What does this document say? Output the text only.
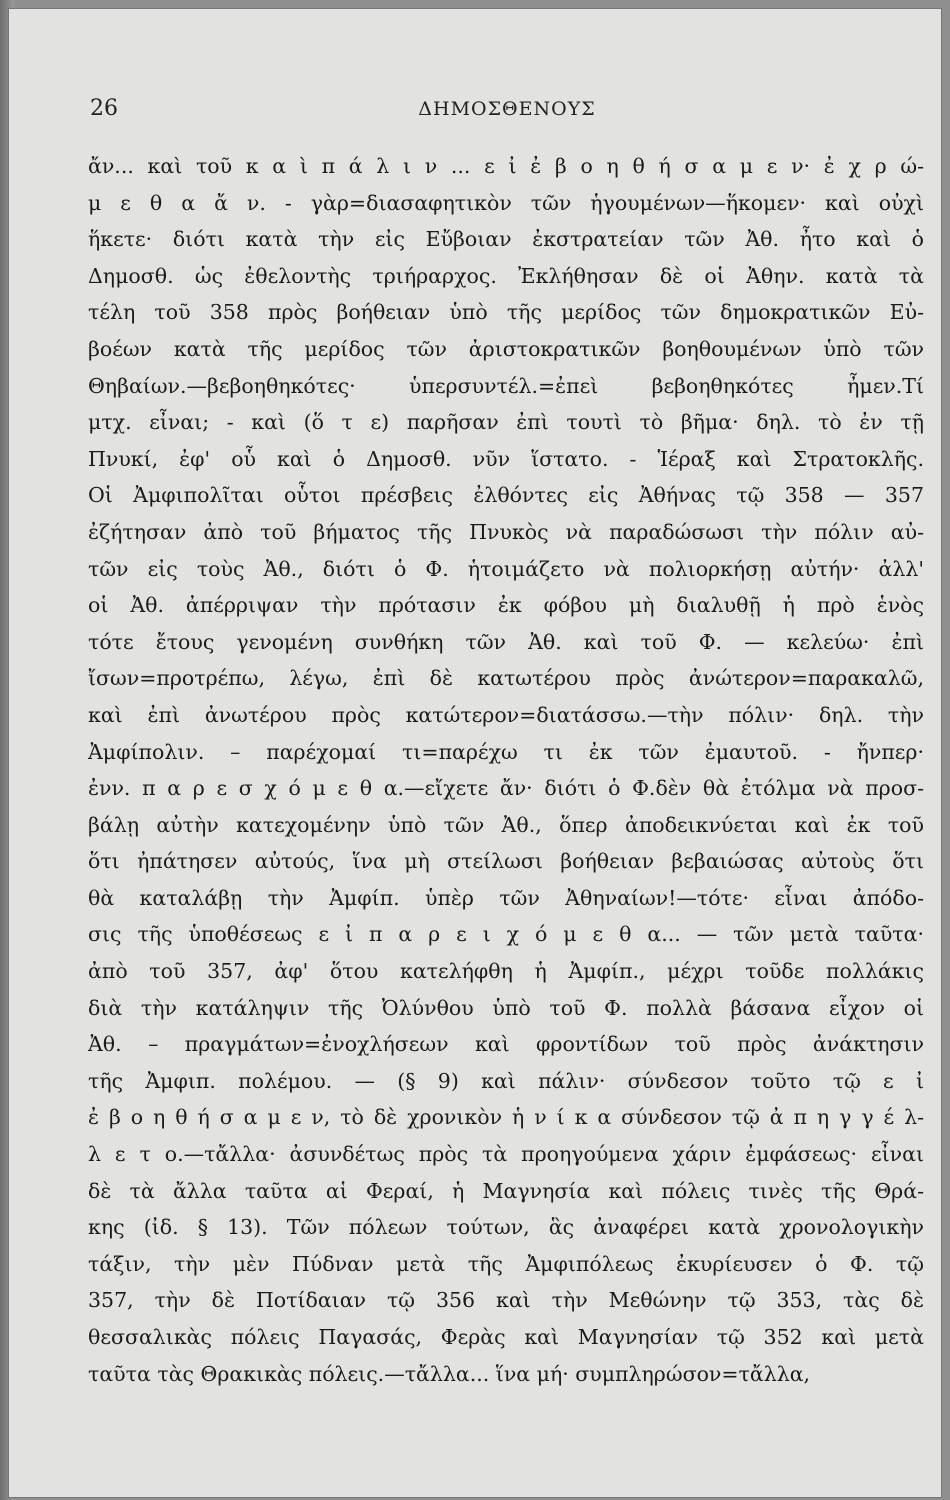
26	ΔΗΜΟΣΘΕΝΟΥΣ
ἄν... καὶ τοῦ κ α ὶ π ά λ ι ν ... ε ἰ ἐ β ο η θ ή σ α μ ε ν· ἐ χ ρ ώ-
μ ε θ α ἄ ν. - γὰρ=διασαφητικὸν τῶν ἡγουμένων—ἥκομεν· καὶ οὐχὶ
ἥκετε· διότι κατὰ τὴν εἰς Εὔβοιαν ἐκστρατείαν τῶν Ἀθ. ἦτο καὶ ὁ
Δημοσθ. ὡς ἐθελοντὴς τριήραρχος. Ἐκλήθησαν δὲ οἱ Ἀθην. κατὰ τὰ
τέλη τοῦ 358 πρὸς βοήθειαν ὑπὸ τῆς μερίδος τῶν δημοκρατικῶν Εὐ-
βοέων κατὰ τῆς μερίδος τῶν ἀριστοκρατικῶν βοηθουμένων ὑπὸ τῶν
Θηβαίων.—βεβοηθηκότες· ὑπερσυντέλ.=ἐπεὶ βεβοηθηκότες ἦμεν.Τί
μτχ. εἶναι; - καὶ (ὅ τ ε) παρῆσαν ἐπὶ τουτὶ τὸ βῆμα· δηλ. τὸ ἐν τῇ
Πνυκί, ἐφ' οὗ καὶ ὁ Δημοσθ. νῦν ἵστατο. - Ἱέραξ καὶ Στρατοκλῆς.
Οἱ Ἀμφιπολῖται οὗτοι πρέσβεις ἐλθόντες εἰς Ἀθήνας τῷ 358 — 357
ἐζήτησαν ἀπὸ τοῦ βήματος τῆς Πνυκὸς νὰ παραδώσωσι τὴν πόλιν αὐ-
τῶν εἰς τοὺς Ἀθ., διότι ὁ Φ. ἡτοιμάζετο νὰ πολιορκήσῃ αὐτήν· ἀλλ'
οἱ Ἀθ. ἀπέρριψαν τὴν πρότασιν ἐκ φόβου μὴ διαλυθῇ ἡ πρὸ ἑνὸς
τότε ἔτους γενομένη συνθήκη τῶν Ἀθ. καὶ τοῦ Φ. — κελεύω· ἐπὶ
ἴσων=προτρέπω, λέγω, ἐπὶ δὲ κατωτέρου πρὸς ἀνώτερον=παρακαλῶ,
καὶ ἐπὶ ἀνωτέρου πρὸς κατώτερον=διατάσσω.—τὴν πόλιν· δηλ. τὴν
Ἀμφίπολιν. – παρέχομαί τι=παρέχω τι ἐκ τῶν ἐμαυτοῦ. - ἤνπερ·
ἐνν. π α ρ ε σ χ ό μ ε θ α.—εἴχετε ἄν· διότι ὁ Φ.δὲν θὰ ἐτόλμα νὰ προσ-
βάλῃ αὐτὴν κατεχομένην ὑπὸ τῶν Ἀθ., ὅπερ ἀποδεικνύεται καὶ ἐκ τοῦ
ὅτι ἠπάτησεν αὐτούς, ἵνα μὴ στείλωσι βοήθειαν βεβαιώσας αὐτοὺς ὅτι
θὰ καταλάβῃ τὴν Ἀμφίπ. ὑπὲρ τῶν Ἀθηναίων!—τότε· εἶναι ἀπόδο-
σις τῆς ὑποθέσεως ε ἰ π α ρ ε ι χ ό μ ε θ α... — τῶν μετὰ ταῦτα·
ἀπὸ τοῦ 357, ἀφ' ὅτου κατελήφθη ἡ Ἀμφίπ., μέχρι τοῦδε πολλάκις
διὰ τὴν κατάληψιν τῆς Ὀλύνθου ὑπὸ τοῦ Φ. πολλὰ βάσανα εἶχον οἱ
Ἀθ. – πραγμάτων=ἐνοχλήσεων καὶ φροντίδων τοῦ πρὸς ἀνάκτησιν
τῆς Ἀμφιπ. πολέμου. — (§ 9) καὶ πάλιν· σύνδεσον τοῦτο τῷ ε ἰ
ἐ β ο η θ ή σ α μ ε ν, τὸ δὲ χρονικὸν ἡ ν ί κ α σύνδεσον τῷ ἀ π η γ γ έ λ-
λ ε τ ο.—τἄλλα· ἀσυνδέτως πρὸς τὰ προηγούμενα χάριν ἐμφάσεως· εἶναι
δὲ τὰ ἄλλα ταῦτα αἱ Φεραί, ἡ Μαγνησία καὶ πόλεις τινὲς τῆς Θρά-
κης (ἰδ. § 13). Τῶν πόλεων τούτων, ἃς ἀναφέρει κατὰ χρονολογικὴν
τάξιν, τὴν μὲν Πύδναν μετὰ τῆς Ἀμφιπόλεως ἐκυρίευσεν ὁ Φ. τῷ
357, τὴν δὲ Ποτίδαιαν τῷ 356 καὶ τὴν Μεθώνην τῷ 353, τὰς δὲ
θεσσαλικὰς πόλεις Παγασάς, Φερὰς καὶ Μαγνησίαν τῷ 352 καὶ μετὰ
ταῦτα τὰς Θρακικὰς πόλεις.—τἄλλα... ἵνα μή· συμπληρώσον=τἄλλα,
